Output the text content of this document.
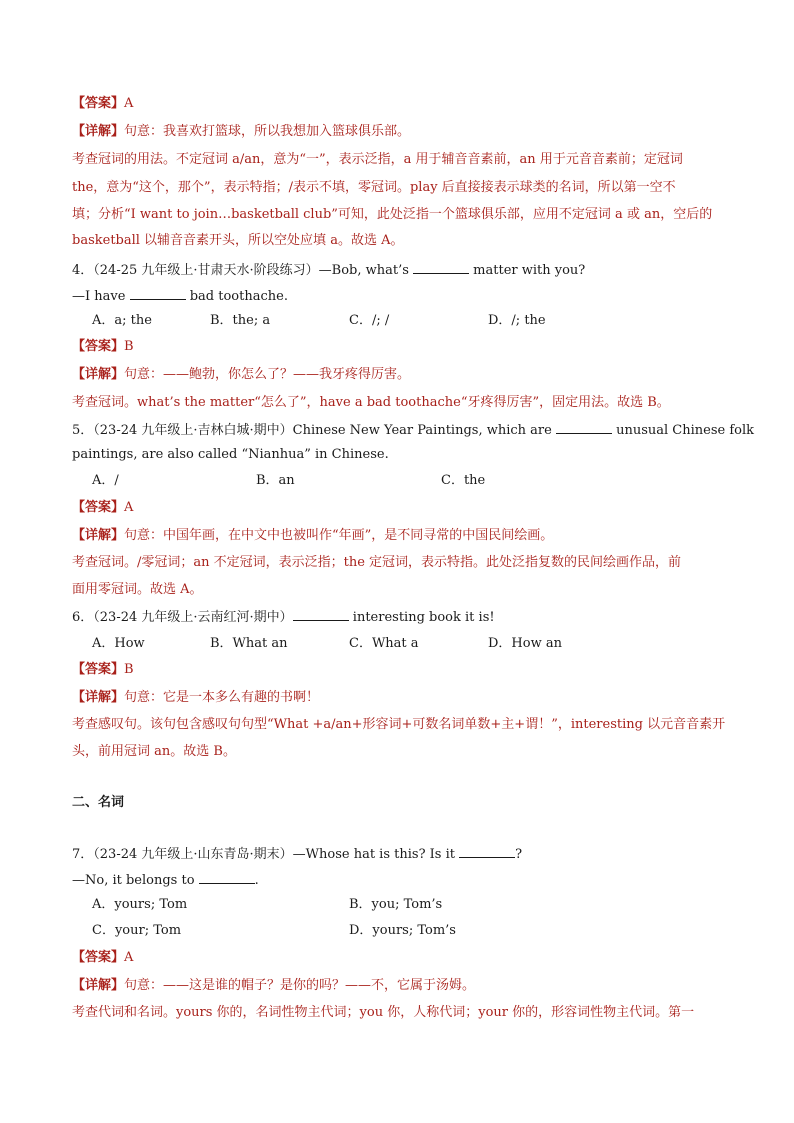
【答案】A
【详解】句意：我喜欢打篮球，所以我想加入篮球俱乐部。
考查冠词的用法。不定冠词 a/an，意为“一”，表示泛指，a 用于辅音音素前，an 用于元音音素前；定冠词
the，意为“这个，那个”，表示特指；/表示不填，零冠词。play 后直接接表示球类的名词，所以第一空不
填；分析“I want to join…basketball club”可知，此处泛指一个篮球俱乐部，应用不定冠词 a 或 an，空后的
basketball 以辅音音素开头，所以空处应填 a。故选 A。
4．（24-25 九年级上·甘肃天水·阶段练习）—Bob, what’s	matter with you?
—I have	bad toothache.
A．a; the	B．the; a	C．/; /	D．/; the
【答案】B
【详解】句意：——鲍勃，你怎么了？——我牙疼得厉害。
考查冠词。what’s the matter“怎么了”，have a bad toothache“牙疼得厉害”，固定用法。故选 B。
5．（23-24 九年级上·吉林白城·期中）Chinese New Year Paintings, which are	unusual Chinese folk
paintings, are also called “Nianhua” in Chinese.
A．/	B．an	C．the
【答案】A
【详解】句意：中国年画，在中文中也被叫作“年画”，是不同寻常的中国民间绘画。
考查冠词。/零冠词；an 不定冠词，表示泛指；the 定冠词，表示特指。此处泛指复数的民间绘画作品，前
面用零冠词。故选 A。
6．（23-24 九年级上·云南红河·期中）	interesting book it is!
A．How	B．What an	C．What a	D．How an
【答案】B
【详解】句意：它是一本多么有趣的书啊！
考查感叹句。该句包含感叹句句型“What +a/an+形容词+可数名词单数+主+谓！”，interesting 以元音音素开
头，前用冠词 an。故选 B。
二、名词
7．（23-24 九年级上·山东青岛·期末）—Whose hat is this? Is it	?
—No, it belongs to	.
A．yours; Tom	B．you; Tom’s
C．your; Tom	D．yours; Tom’s
【答案】A
【详解】句意：——这是谁的帽子？是你的吗？——不，它属于汤姆。
考查代词和名词。yours 你的，名词性物主代词；you 你，人称代词；your 你的，形容词性物主代词。第一
